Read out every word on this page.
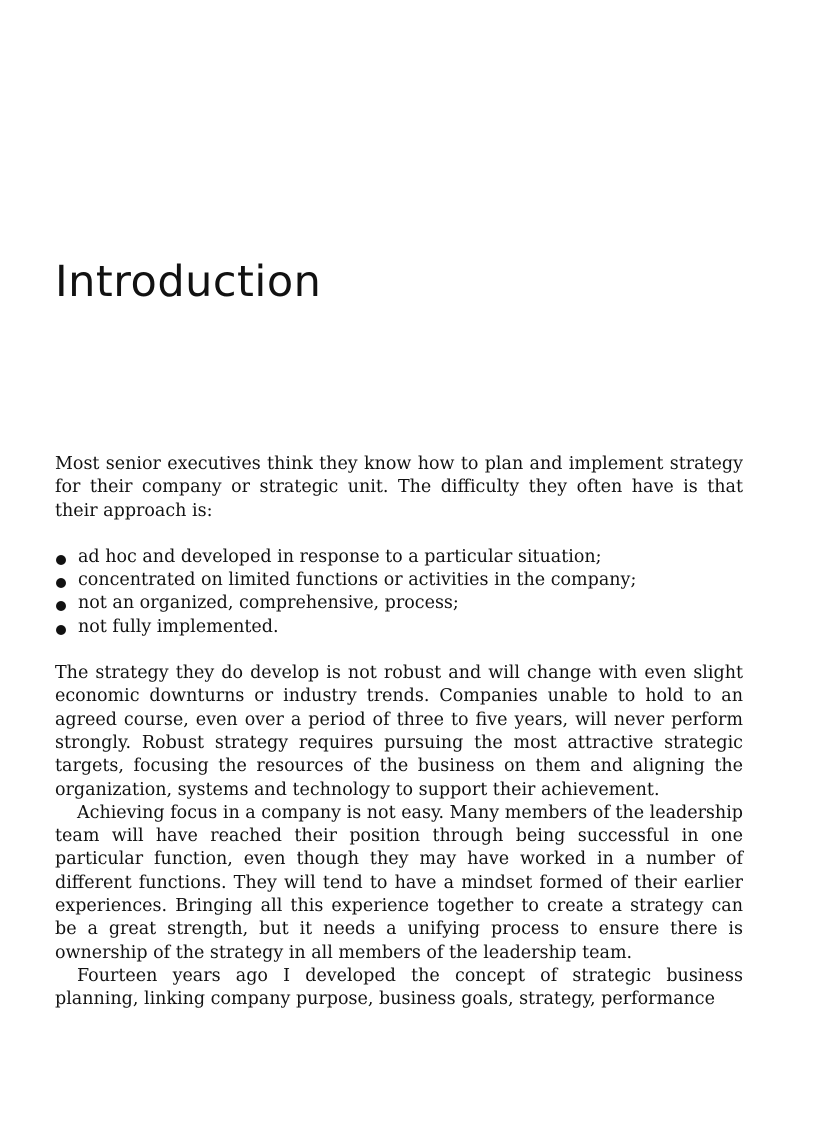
Introduction

Most senior executives think they know how to plan and implement strategy for their company or strategic unit. The difficulty they often have is that their approach is:

ad hoc and developed in response to a particular situation;
concentrated on limited functions or activities in the company;
not an organized, comprehensive, process;
not fully implemented.

The strategy they do develop is not robust and will change with even slight economic downturns or industry trends. Companies unable to hold to an agreed course, even over a period of three to five years, will never perform strongly. Robust strategy requires pursuing the most attractive strategic targets, focusing the resources of the business on them and aligning the organization, systems and technology to support their achievement.

Achieving focus in a company is not easy. Many members of the leadership team will have reached their position through being successful in one particular function, even though they may have worked in a number of different functions. They will tend to have a mindset formed of their earlier experiences. Bringing all this experience together to create a strategy can be a great strength, but it needs a unifying process to ensure there is ownership of the strategy in all members of the leadership team.

Fourteen years ago I developed the concept of strategic business planning, linking company purpose, business goals, strategy, performance
